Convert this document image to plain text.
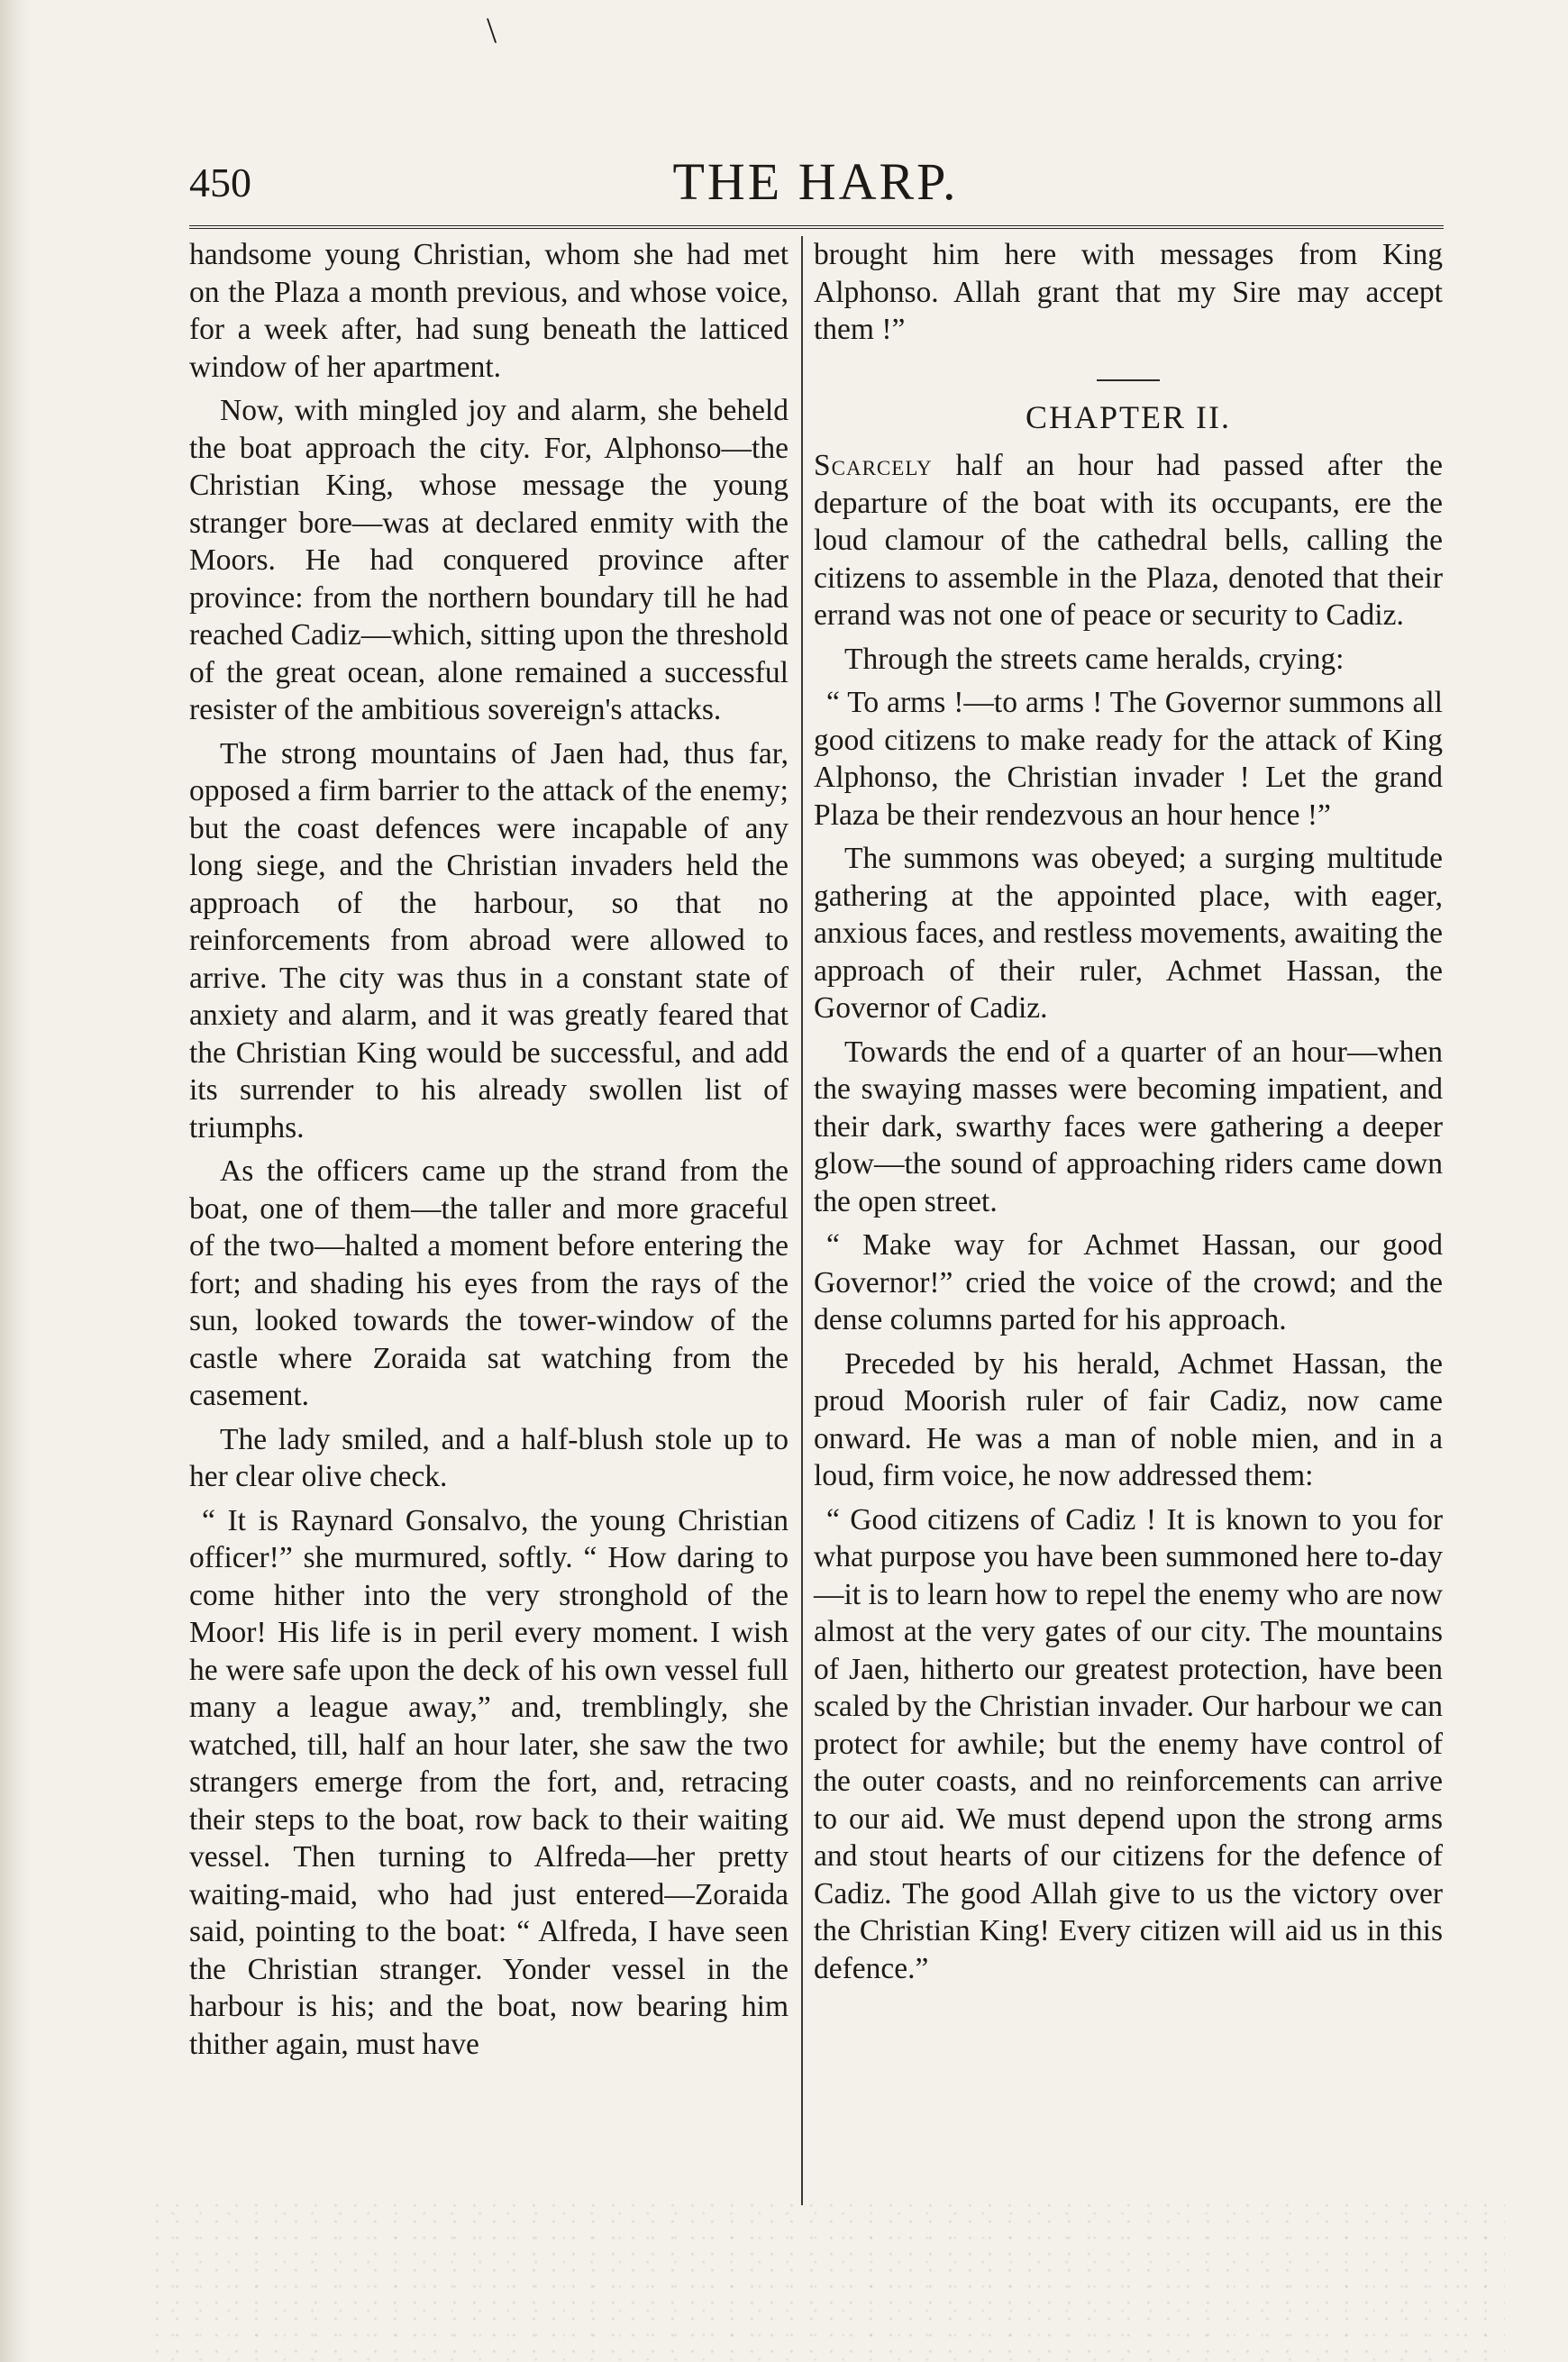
\
450	THE HARP.

handsome young Christian, whom she had met on the Plaza a month previous, and whose voice, for a week after, had sung beneath the latticed window of her apartment.

Now, with mingled joy and alarm, she beheld the boat approach the city. For, Alphonso—the Christian King, whose message the young stranger bore—was at declared enmity with the Moors. He had conquered province after province: from the northern boundary till he had reached Cadiz—which, sitting upon the threshold of the great ocean, alone remained a successful resister of the ambitious sovereign's attacks.

The strong mountains of Jaen had, thus far, opposed a firm barrier to the attack of the enemy; but the coast defences were incapable of any long siege, and the Christian invaders held the approach of the harbour, so that no reinforcements from abroad were allowed to arrive. The city was thus in a constant state of anxiety and alarm, and it was greatly feared that the Christian King would be successful, and add its surrender to his already swollen list of triumphs.

As the officers came up the strand from the boat, one of them—the taller and more graceful of the two—halted a moment before entering the fort; and shading his eyes from the rays of the sun, looked towards the tower-window of the castle where Zoraida sat watching from the casement.

The lady smiled, and a half-blush stole up to her clear olive check.

“ It is Raynard Gonsalvo, the young Christian officer!” she murmured, softly. “ How daring to come hither into the very stronghold of the Moor! His life is in peril every moment. I wish he were safe upon the deck of his own vessel full many a league away,” and, tremblingly, she watched, till, half an hour later, she saw the two strangers emerge from the fort, and, retracing their steps to the boat, row back to their waiting vessel. Then turning to Alfreda—her pretty waiting-maid, who had just entered—Zoraida said, pointing to the boat: “ Alfreda, I have seen the Christian stranger. Yonder vessel in the harbour is his; and the boat, now bearing him thither again, must have

brought him here with messages from King Alphonso. Allah grant that my Sire may accept them !”

CHAPTER II.

Scarcely half an hour had passed after the departure of the boat with its occupants, ere the loud clamour of the cathedral bells, calling the citizens to assemble in the Plaza, denoted that their errand was not one of peace or security to Cadiz.

Through the streets came heralds, crying:

“ To arms !—to arms ! The Governor summons all good citizens to make ready for the attack of King Alphonso, the Christian invader ! Let the grand Plaza be their rendezvous an hour hence !”

The summons was obeyed; a surging multitude gathering at the appointed place, with eager, anxious faces, and restless movements, awaiting the approach of their ruler, Achmet Hassan, the Governor of Cadiz.

Towards the end of a quarter of an hour—when the swaying masses were becoming impatient, and their dark, swarthy faces were gathering a deeper glow—the sound of approaching riders came down the open street.

“ Make way for Achmet Hassan, our good Governor!” cried the voice of the crowd; and the dense columns parted for his approach.

Preceded by his herald, Achmet Hassan, the proud Moorish ruler of fair Cadiz, now came onward. He was a man of noble mien, and in a loud, firm voice, he now addressed them:

“ Good citizens of Cadiz ! It is known to you for what purpose you have been summoned here to-day—it is to learn how to repel the enemy who are now almost at the very gates of our city. The mountains of Jaen, hitherto our greatest protection, have been scaled by the Christian invader. Our harbour we can protect for awhile; but the enemy have control of the outer coasts, and no reinforcements can arrive to our aid. We must depend upon the strong arms and stout hearts of our citizens for the defence of Cadiz. The good Allah give to us the victory over the Christian King! Every citizen will aid us in this defence.”
